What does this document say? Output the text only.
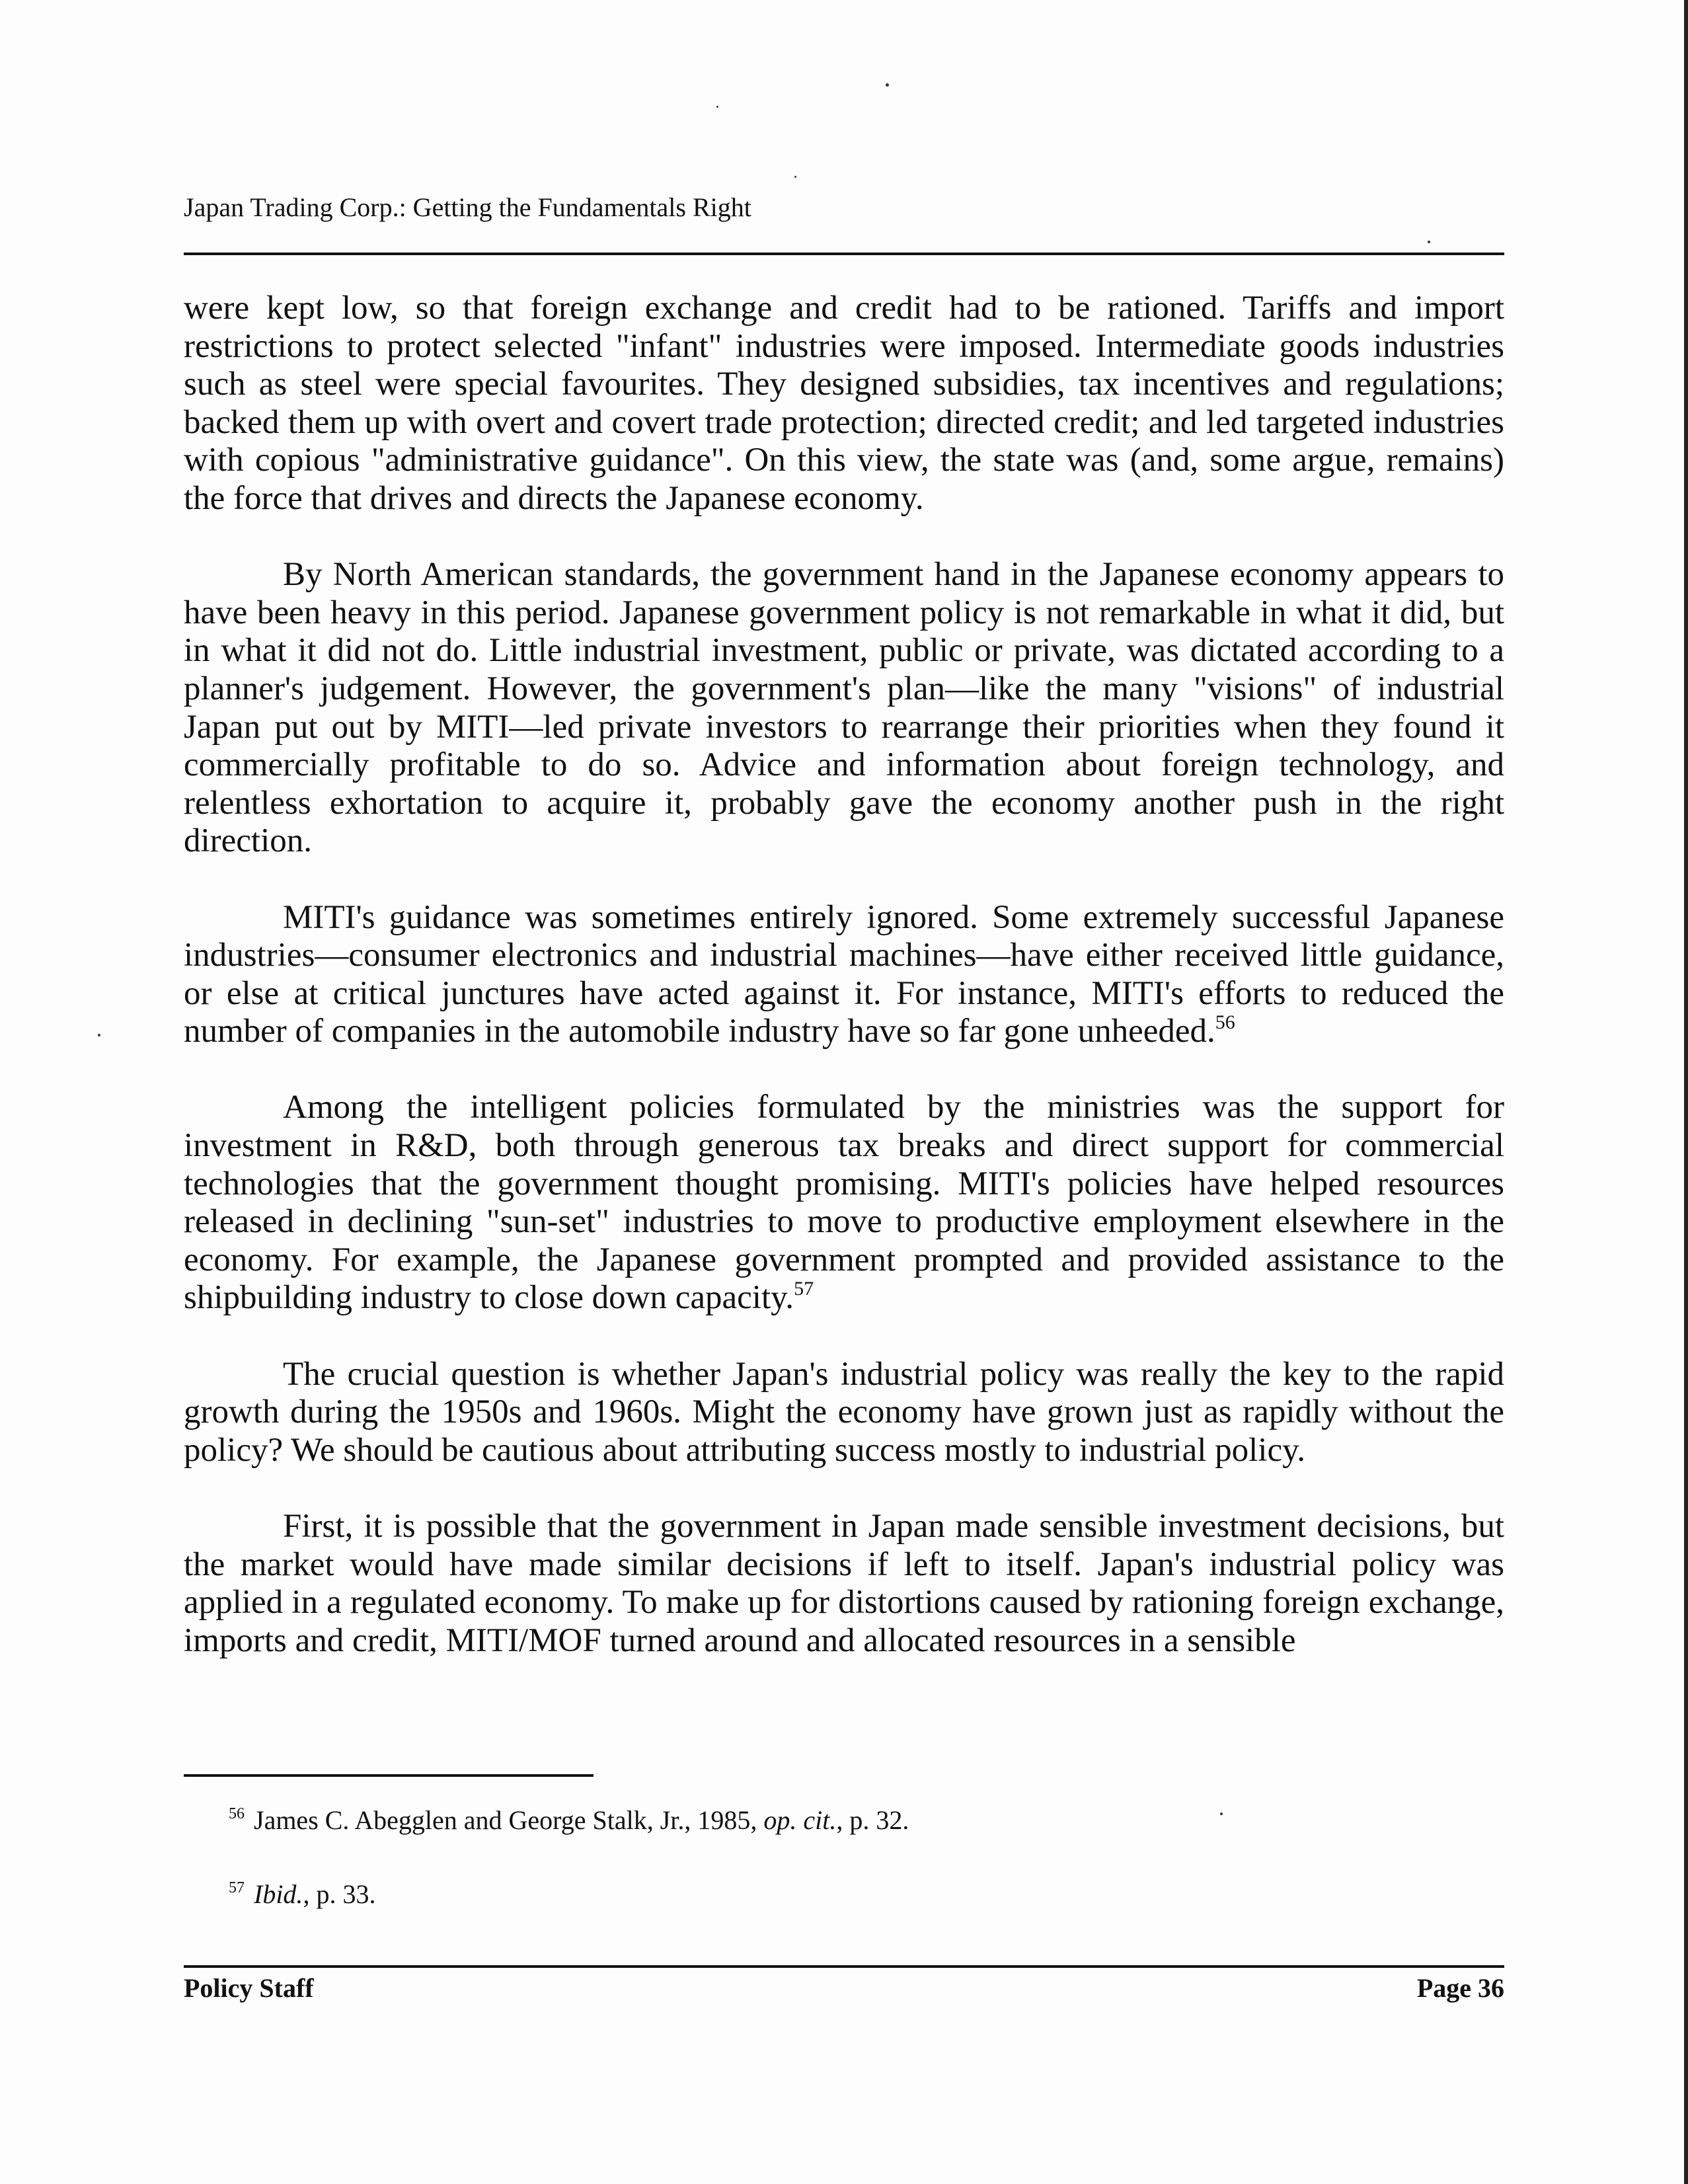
Japan Trading Corp.: Getting the Fundamentals Right

were kept low, so that foreign exchange and credit had to be rationed. Tariffs and import restrictions to protect selected "infant" industries were imposed. Intermediate goods industries such as steel were special favourites. They designed subsidies, tax incentives and regulations; backed them up with overt and covert trade protection; directed credit; and led targeted industries with copious "administrative guidance". On this view, the state was (and, some argue, remains) the force that drives and directs the Japanese economy.

By North American standards, the government hand in the Japanese economy appears to have been heavy in this period. Japanese government policy is not remarkable in what it did, but in what it did not do. Little industrial investment, public or private, was dictated according to a planner's judgement. However, the government's plan—like the many "visions" of industrial Japan put out by MITI—led private investors to rearrange their priorities when they found it commercially profitable to do so. Advice and information about foreign technology, and relentless exhortation to acquire it, probably gave the economy another push in the right direction.

MITI's guidance was sometimes entirely ignored. Some extremely successful Japanese industries—consumer electronics and industrial machines—have either received little guidance, or else at critical junctures have acted against it. For instance, MITI's efforts to reduced the number of companies in the automobile industry have so far gone unheeded.$^{56}$

Among the intelligent policies formulated by the ministries was the support for investment in R&D, both through generous tax breaks and direct support for commercial technologies that the government thought promising. MITI's policies have helped resources released in declining "sun-set" industries to move to productive employment elsewhere in the economy. For example, the Japanese government prompted and provided assistance to the shipbuilding industry to close down capacity.$^{57}$

The crucial question is whether Japan's industrial policy was really the key to the rapid growth during the 1950s and 1960s. Might the economy have grown just as rapidly without the policy? We should be cautious about attributing success mostly to industrial policy.

First, it is possible that the government in Japan made sensible investment decisions, but the market would have made similar decisions if left to itself. Japan's industrial policy was applied in a regulated economy. To make up for distortions caused by rationing foreign exchange, imports and credit, MITI/MOF turned around and allocated resources in a sensible

$^{56}$ James C. Abegglen and George Stalk, Jr., 1985, op. cit., p. 32.
$^{57}$ Ibid., p. 33.
Policy Staff	Page 36
